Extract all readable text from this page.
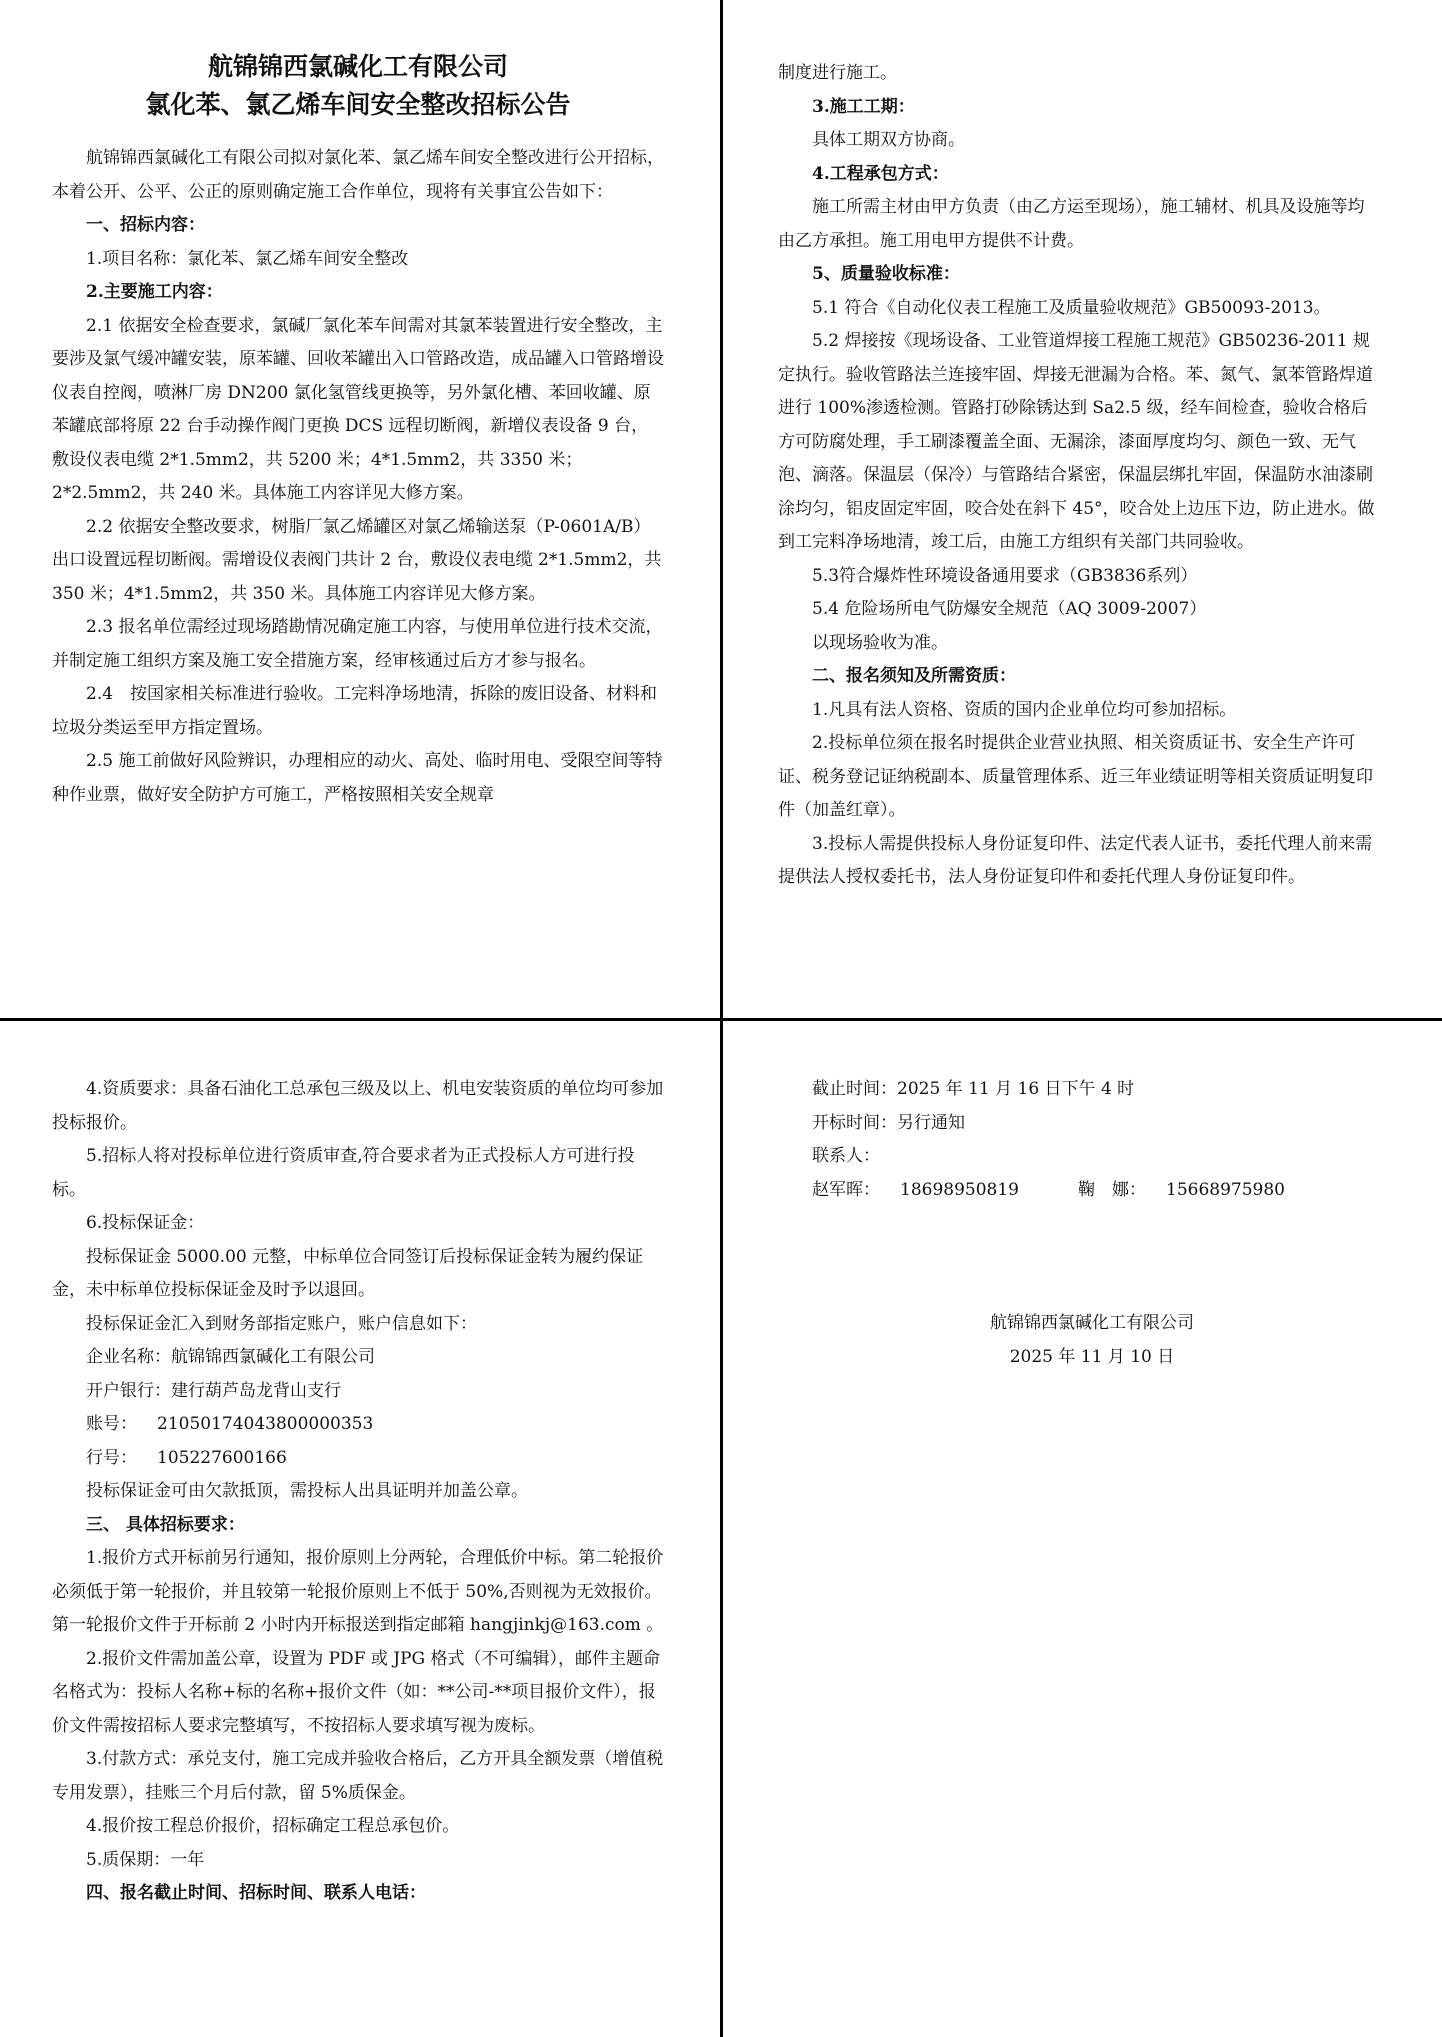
航锦锦西氯碱化工有限公司
氯化苯、氯乙烯车间安全整改招标公告

航锦锦西氯碱化工有限公司拟对氯化苯、氯乙烯车间安全整改进行公开招标，本着公开、公平、公正的原则确定施工合作单位，现将有关事宜公告如下：

一、招标内容：

1.项目名称：氯化苯、氯乙烯车间安全整改

2.主要施工内容：

2.1 依据安全检查要求，氯碱厂氯化苯车间需对其氯苯装置进行安全整改，主要涉及氯气缓冲罐安装，原苯罐、回收苯罐出入口管路改造，成品罐入口管路增设仪表自控阀，喷淋厂房 DN200 氯化氢管线更换等，另外氯化槽、苯回收罐、原苯罐底部将原 22 台手动操作阀门更换 DCS 远程切断阀，新增仪表设备 9 台，敷设仪表电缆 2*1.5mm2，共 5200 米；4*1.5mm2，共 3350 米；2*2.5mm2，共 240 米。具体施工内容详见大修方案。

2.2 依据安全整改要求，树脂厂氯乙烯罐区对氯乙烯输送泵（P-0601A/B）出口设置远程切断阀。需增设仪表阀门共计 2 台，敷设仪表电缆 2*1.5mm2，共 350 米；4*1.5mm2，共 350 米。具体施工内容详见大修方案。

2.3 报名单位需经过现场踏勘情况确定施工内容，与使用单位进行技术交流，并制定施工组织方案及施工安全措施方案，经审核通过后方才参与报名。

2.4　按国家相关标准进行验收。工完料净场地清，拆除的废旧设备、材料和垃圾分类运至甲方指定置场。

2.5 施工前做好风险辨识，办理相应的动火、高处、临时用电、受限空间等特种作业票，做好安全防护方可施工，严格按照相关安全规章

制度进行施工。

3.施工工期：

具体工期双方协商。

4.工程承包方式：

施工所需主材由甲方负责（由乙方运至现场），施工辅材、机具及设施等均由乙方承担。施工用电甲方提供不计费。

5、质量验收标准：

5.1 符合《自动化仪表工程施工及质量验收规范》GB50093-2013。

5.2 焊接按《现场设备、工业管道焊接工程施工规范》GB50236-2011 规定执行。验收管路法兰连接牢固、焊接无泄漏为合格。苯、氮气、氯苯管路焊道进行 100%渗透检测。管路打砂除锈达到 Sa2.5 级，经车间检查，验收合格后方可防腐处理，手工刷漆覆盖全面、无漏涂，漆面厚度均匀、颜色一致、无气泡、滴落。保温层（保冷）与管路结合紧密，保温层绑扎牢固，保温防水油漆刷涂均匀，铝皮固定牢固，咬合处在斜下 45°，咬合处上边压下边，防止进水。做到工完料净场地清，竣工后，由施工方组织有关部门共同验收。

5.3符合爆炸性环境设备通用要求（GB3836系列）

5.4 危险场所电气防爆安全规范（AQ 3009-2007）

以现场验收为准。

二、报名须知及所需资质：

1.凡具有法人资格、资质的国内企业单位均可参加招标。

2.投标单位须在报名时提供企业营业执照、相关资质证书、安全生产许可证、税务登记证纳税副本、质量管理体系、近三年业绩证明等相关资质证明复印件（加盖红章）。

3.投标人需提供投标人身份证复印件、法定代表人证书，委托代理人前来需提供法人授权委托书，法人身份证复印件和委托代理人身份证复印件。

4.资质要求：具备石油化工总承包三级及以上、机电安装资质的单位均可参加投标报价。

5.招标人将对投标单位进行资质审查,符合要求者为正式投标人方可进行投标。

6.投标保证金：

投标保证金 5000.00 元整，中标单位合同签订后投标保证金转为履约保证金，未中标单位投标保证金及时予以退回。

投标保证金汇入到财务部指定账户，账户信息如下：

企业名称：航锦锦西氯碱化工有限公司

开户银行：建行葫芦岛龙背山支行

账号： 21050174043800000353

行号： 105227600166

投标保证金可由欠款抵顶，需投标人出具证明并加盖公章。

三、 具体招标要求：

1.报价方式开标前另行通知，报价原则上分两轮，合理低价中标。第二轮报价必须低于第一轮报价，并且较第一轮报价原则上不低于 50%,否则视为无效报价。第一轮报价文件于开标前 2 小时内开标报送到指定邮箱 hangjinkj@163.com 。

2.报价文件需加盖公章，设置为 PDF 或 JPG 格式（不可编辑），邮件主题命名格式为：投标人名称+标的名称+报价文件（如：**公司-**项目报价文件），报价文件需按招标人要求完整填写，不按招标人要求填写视为废标。

3.付款方式：承兑支付，施工完成并验收合格后，乙方开具全额发票（增值税专用发票），挂账三个月后付款，留 5%质保金。

4.报价按工程总价报价，招标确定工程总承包价。

5.质保期：一年

四、报名截止时间、招标时间、联系人电话：

截止时间：2025 年 11 月 16 日下午 4 时

开标时间：另行通知

联系人：

赵军晖：	18698950819	鞠　娜：	15668975980

航锦锦西氯碱化工有限公司

2025 年 11 月 10 日
